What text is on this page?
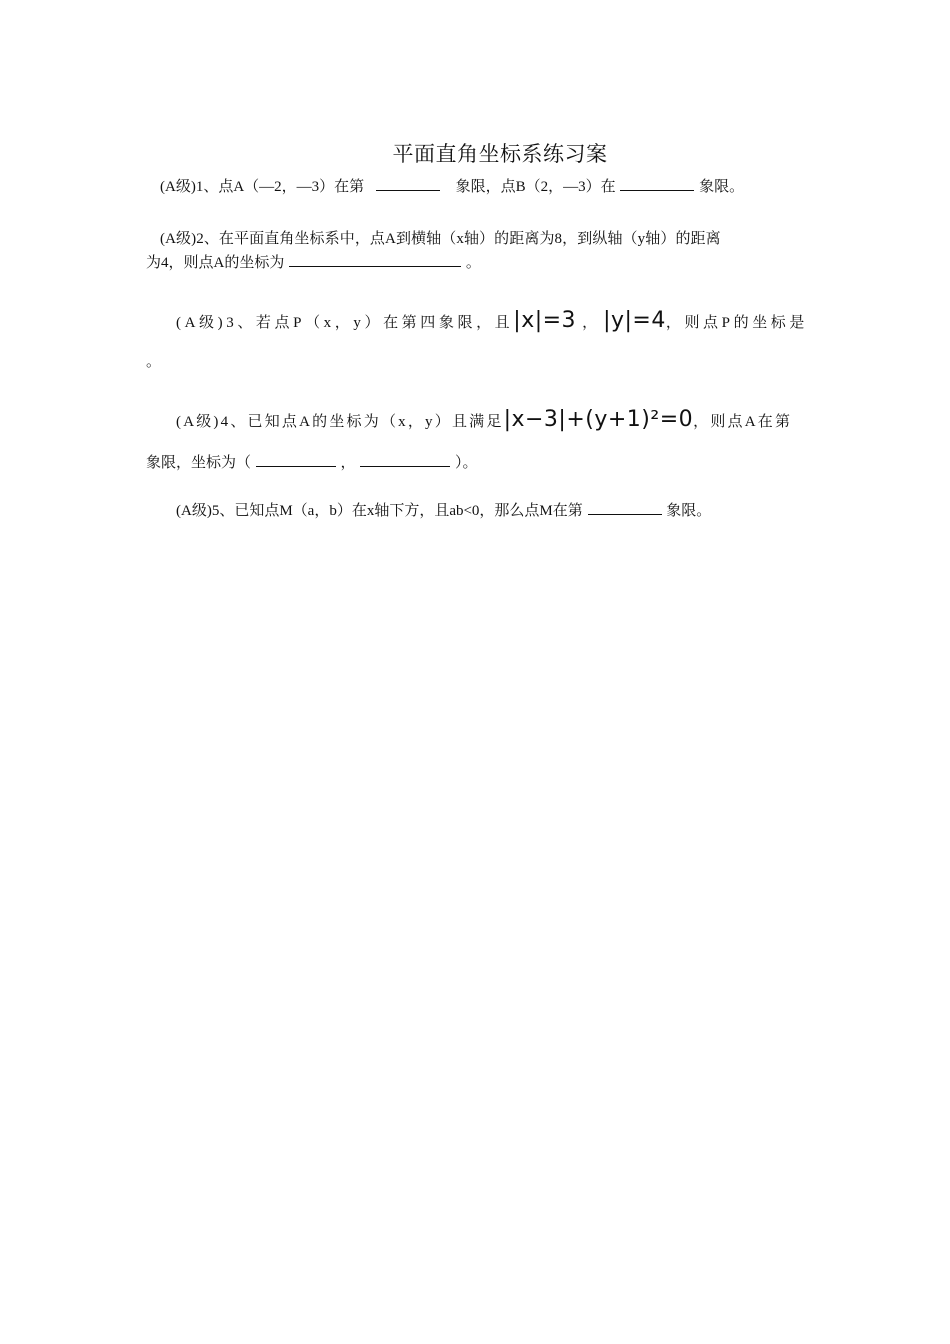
平面直角坐标系练习案
(A级)1、点A（—2，—3）在第	象限，点B（2，—3）在	象限。
(A级)2、在平面直角坐标系中，点A到横轴（x轴）的距离为8，到纵轴（y轴）的距离
为4，则点A的坐标为	。
(A级)3、若点P（x，y）在第四象限，且|x|=3 ， |y|=4，则点P的坐标是
。
(A级)4、已知点A的坐标为（x，y）且满足|x−3|+(y+1)²=0，则点A在第
象限，坐标为（	，	）。
(A级)5、已知点M（a，b）在x轴下方，且ab<0，那么点M在第	象限。
